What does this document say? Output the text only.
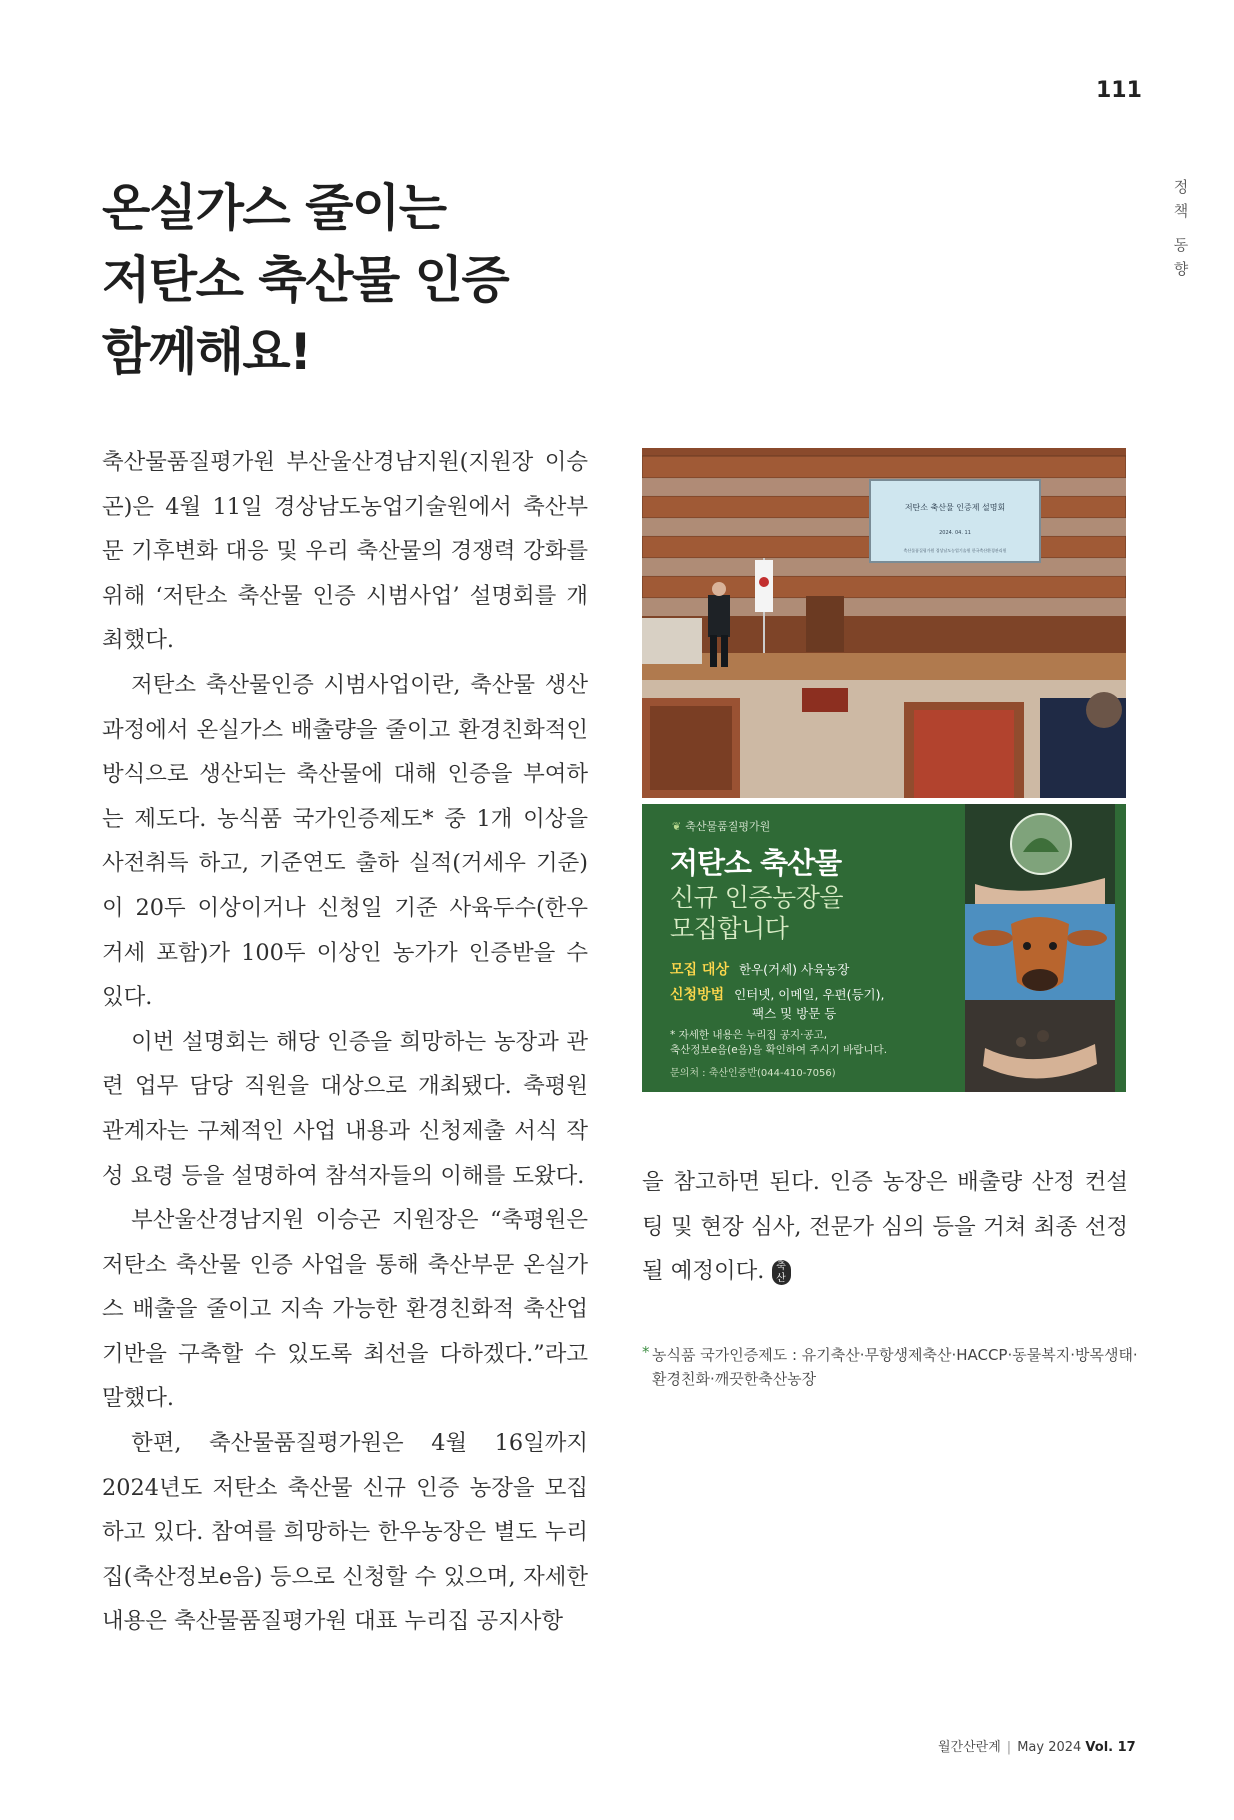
111
정
책
동
향
온실가스 줄이는
저탄소 축산물 인증
함께해요!

축산물품질평가원 부산울산경남지원(지원장 이승곤)은 4월 11일 경상남도농업기술원에서 축산부문 기후변화 대응 및 우리 축산물의 경쟁력 강화를 위해 ‘저탄소 축산물 인증 시범사업’ 설명회를 개최했다.

저탄소 축산물인증 시범사업이란, 축산물 생산 과정에서 온실가스 배출량을 줄이고 환경친화적인 방식으로 생산되는 축산물에 대해 인증을 부여하는 제도다. 농식품 국가인증제도* 중 1개 이상을 사전취득 하고, 기준연도 출하 실적(거세우 기준)이 20두 이상이거나 신청일 기준 사육두수(한우 거세 포함)가 100두 이상인 농가가 인증받을 수 있다.

이번 설명회는 해당 인증을 희망하는 농장과 관련 업무 담당 직원을 대상으로 개최됐다. 축평원 관계자는 구체적인 사업 내용과 신청제출 서식 작성 요령 등을 설명하여 참석자들의 이해를 도왔다.

부산울산경남지원 이승곤 지원장은 “축평원은 저탄소 축산물 인증 사업을 통해 축산부문 온실가스 배출을 줄이고 지속 가능한 환경친화적 축산업 기반을 구축할 수 있도록 최선을 다하겠다.”라고 말했다.

한편, 축산물품질평가원은 4월 16일까지 2024년도 저탄소 축산물 신규 인증 농장을 모집하고 있다. 참여를 희망하는 한우농장은 별도 누리집(축산정보e음) 등으로 신청할 수 있으며, 자세한 내용은 축산물품질평가원 대표 누리집 공지사항

저탄소 축산물 인증제 설명회
2024. 04. 11
축산물품질평가원 경상남도농업기술원 한국축산환경관리원
❦ 축산물품질평가원
저탄소 축산물
신규 인증농장을
모집합니다
모집 대상 한우(거세) 사육농장
신청방법 인터넷, 이메일, 우편(등기),
팩스 및 방문 등
* 자세한 내용은 누리집 공지·공고,
축산정보e음(e음)을 확인하여 주시기 바랍니다.
문의처 : 축산인증반(044-410-7056)

을 참고하면 된다. 인증 농장은 배출량 산정 컨설팅 및 현장 심사, 전문가 심의 등을 거쳐 최종 선정될 예정이다. 축 산

* 농식품 국가인증제도 : 유기축산·무항생제축산·HACCP·동물복지·방목생태·환경친화·깨끗한축산농장
월간산란계 | May 2024 Vol. 17
